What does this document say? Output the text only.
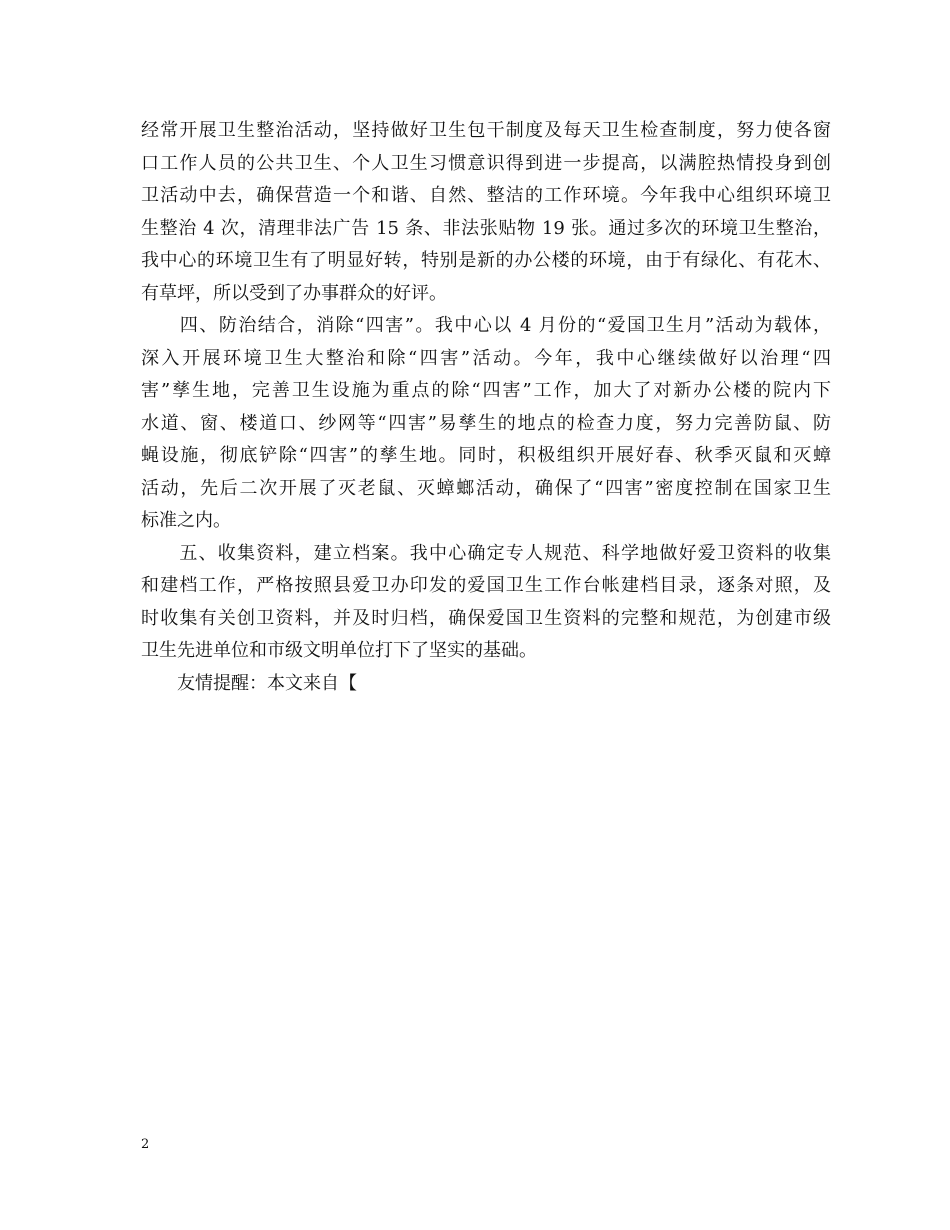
经常开展卫生整治活动，坚持做好卫生包干制度及每天卫生检查制度，努力使各窗
口工作人员的公共卫生、个人卫生习惯意识得到进一步提高，以满腔热情投身到创
卫活动中去，确保营造一个和谐、自然、整洁的工作环境。今年我中心组织环境卫
生整治 4 次，清理非法广告 15 条、非法张贴物 19 张。通过多次的环境卫生整治，
我中心的环境卫生有了明显好转，特别是新的办公楼的环境，由于有绿化、有花木、
有草坪，所以受到了办事群众的好评。
　　四、防治结合，消除“四害”。我中心以 4 月份的“爱国卫生月”活动为载体，
深入开展环境卫生大整治和除“四害”活动。今年，我中心继续做好以治理“四
害”孳生地，完善卫生设施为重点的除“四害”工作，加大了对新办公楼的院内下
水道、窗、楼道口、纱网等“四害”易孳生的地点的检查力度，努力完善防鼠、防
蝇设施，彻底铲除“四害”的孳生地。同时，积极组织开展好春、秋季灭鼠和灭蟑
活动，先后二次开展了灭老鼠、灭蟑螂活动，确保了“四害”密度控制在国家卫生
标准之内。
　　五、收集资料，建立档案。我中心确定专人规范、科学地做好爱卫资料的收集
和建档工作，严格按照县爱卫办印发的爱国卫生工作台帐建档目录，逐条对照，及
时收集有关创卫资料，并及时归档，确保爱国卫生资料的完整和规范，为创建市级
卫生先进单位和市级文明单位打下了坚实的基础。
　　友情提醒：本文来自【
2
